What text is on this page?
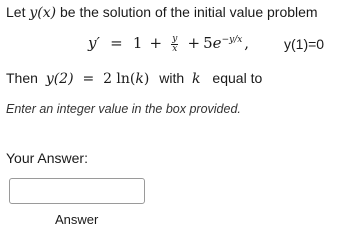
Let y(x) be the solution of the initial value problem
$y' = 1 + \frac{y}{x} + 5e^{-y/x}$ , y(1)=0
Then y(2) = 2 ln(k) with k equal to
Enter an integer value in the box provided.
Your Answer:
Answer
